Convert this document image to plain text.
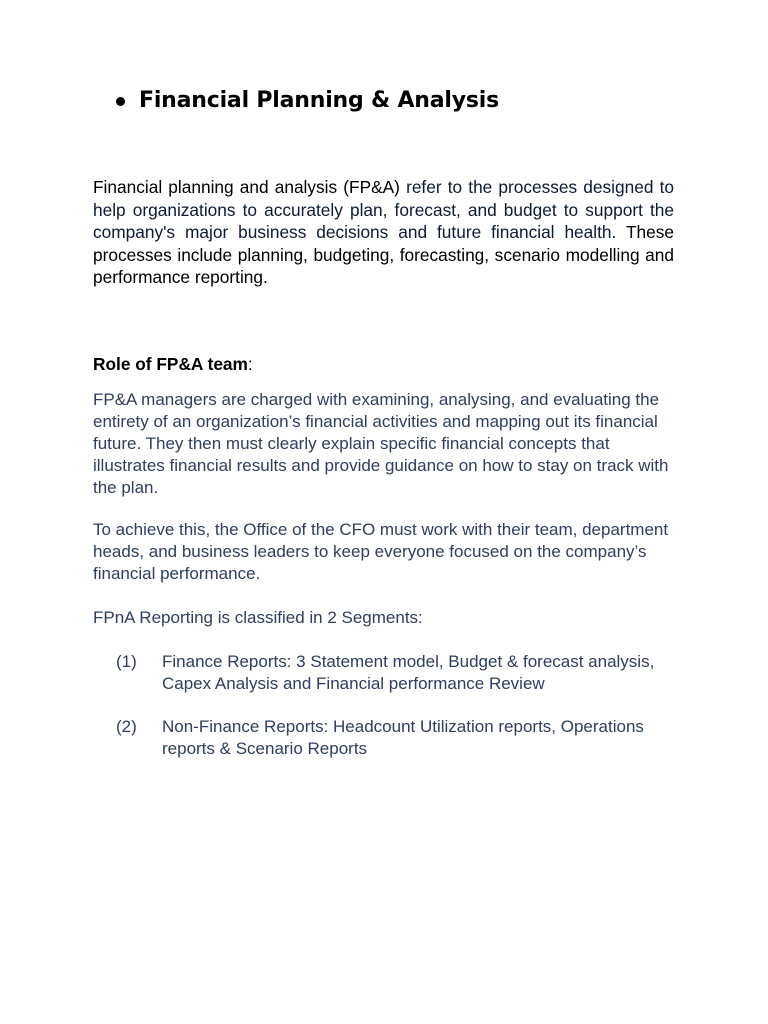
Financial Planning & Analysis

Financial planning and analysis (FP&A) refer to the processes designed to help organizations to accurately plan, forecast, and budget to support the company's major business decisions and future financial health. These processes include planning, budgeting, forecasting, scenario modelling and performance reporting.

Role of FP&A team:

FP&A managers are charged with examining, analysing, and evaluating the entirety of an organization’s financial activities and mapping out its financial future. They then must clearly explain specific financial concepts that illustrates financial results and provide guidance on how to stay on track with the plan.

To achieve this, the Office of the CFO must work with their team, department heads, and business leaders to keep everyone focused on the company’s financial performance.

FPnA Reporting is classified in 2 Segments:

(1)	Finance Reports: 3 Statement model, Budget & forecast analysis, Capex Analysis and Financial performance Review
(2)	Non-Finance Reports: Headcount Utilization reports, Operations reports & Scenario Reports
